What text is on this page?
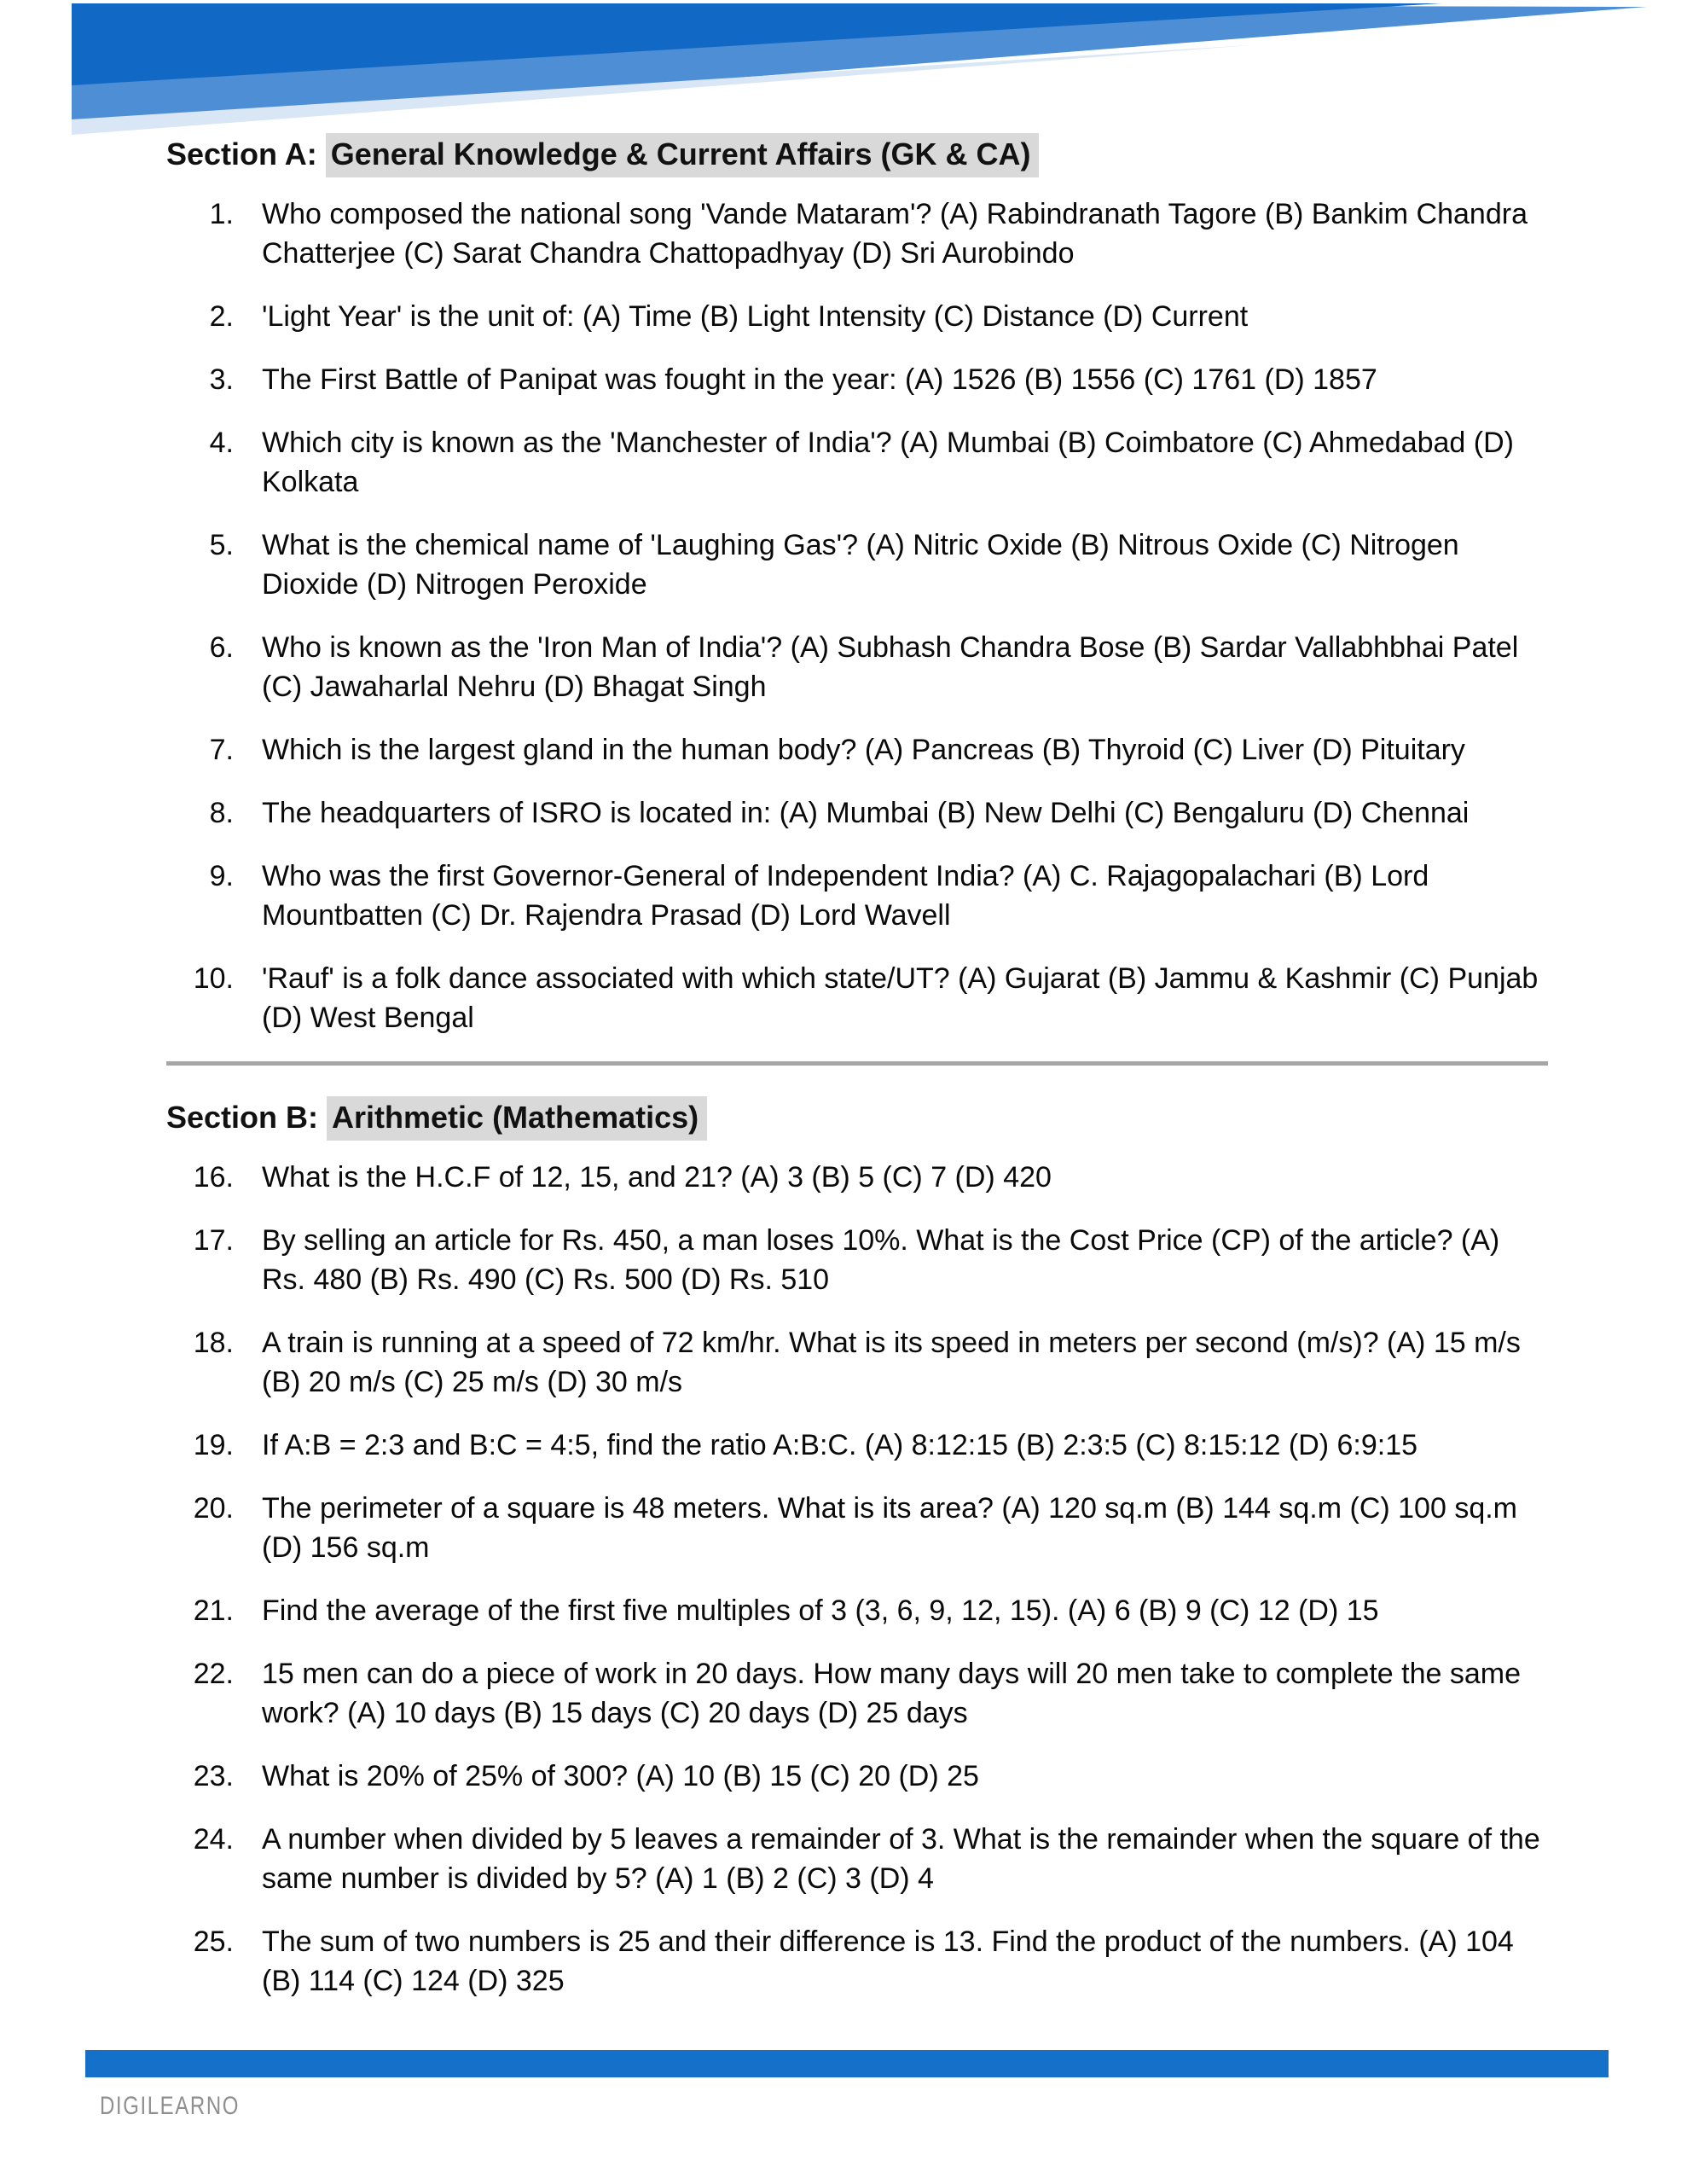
Section A: General Knowledge & Current Affairs (GK & CA)
1. Who composed the national song 'Vande Mataram'? (A) Rabindranath Tagore (B) Bankim Chandra Chatterjee (C) Sarat Chandra Chattopadhyay (D) Sri Aurobindo
2. 'Light Year' is the unit of: (A) Time (B) Light Intensity (C) Distance (D) Current
3. The First Battle of Panipat was fought in the year: (A) 1526 (B) 1556 (C) 1761 (D) 1857
4. Which city is known as the 'Manchester of India'? (A) Mumbai (B) Coimbatore (C) Ahmedabad (D) Kolkata
5. What is the chemical name of 'Laughing Gas'? (A) Nitric Oxide (B) Nitrous Oxide (C) Nitrogen Dioxide (D) Nitrogen Peroxide
6. Who is known as the 'Iron Man of India'? (A) Subhash Chandra Bose (B) Sardar Vallabhbhai Patel (C) Jawaharlal Nehru (D) Bhagat Singh
7. Which is the largest gland in the human body? (A) Pancreas (B) Thyroid (C) Liver (D) Pituitary
8. The headquarters of ISRO is located in: (A) Mumbai (B) New Delhi (C) Bengaluru (D) Chennai
9. Who was the first Governor-General of Independent India? (A) C. Rajagopalachari (B) Lord Mountbatten (C) Dr. Rajendra Prasad (D) Lord Wavell
10. 'Rauf' is a folk dance associated with which state/UT? (A) Gujarat (B) Jammu & Kashmir (C) Punjab (D) West Bengal
Section B: Arithmetic (Mathematics)
16. What is the H.C.F of 12, 15, and 21? (A) 3 (B) 5 (C) 7 (D) 420
17. By selling an article for Rs. 450, a man loses 10%. What is the Cost Price (CP) of the article? (A) Rs. 480 (B) Rs. 490 (C) Rs. 500 (D) Rs. 510
18. A train is running at a speed of 72 km/hr. What is its speed in meters per second (m/s)? (A) 15 m/s (B) 20 m/s (C) 25 m/s (D) 30 m/s
19. If A:B = 2:3 and B:C = 4:5, find the ratio A:B:C. (A) 8:12:15 (B) 2:3:5 (C) 8:15:12 (D) 6:9:15
20. The perimeter of a square is 48 meters. What is its area? (A) 120 sq.m (B) 144 sq.m (C) 100 sq.m (D) 156 sq.m
21. Find the average of the first five multiples of 3 (3, 6, 9, 12, 15). (A) 6 (B) 9 (C) 12 (D) 15
22. 15 men can do a piece of work in 20 days. How many days will 20 men take to complete the same work? (A) 10 days (B) 15 days (C) 20 days (D) 25 days
23. What is 20% of 25% of 300? (A) 10 (B) 15 (C) 20 (D) 25
24. A number when divided by 5 leaves a remainder of 3. What is the remainder when the square of the same number is divided by 5? (A) 1 (B) 2 (C) 3 (D) 4
25. The sum of two numbers is 25 and their difference is 13. Find the product of the numbers. (A) 104 (B) 114 (C) 124 (D) 325
DIGILEARNO
